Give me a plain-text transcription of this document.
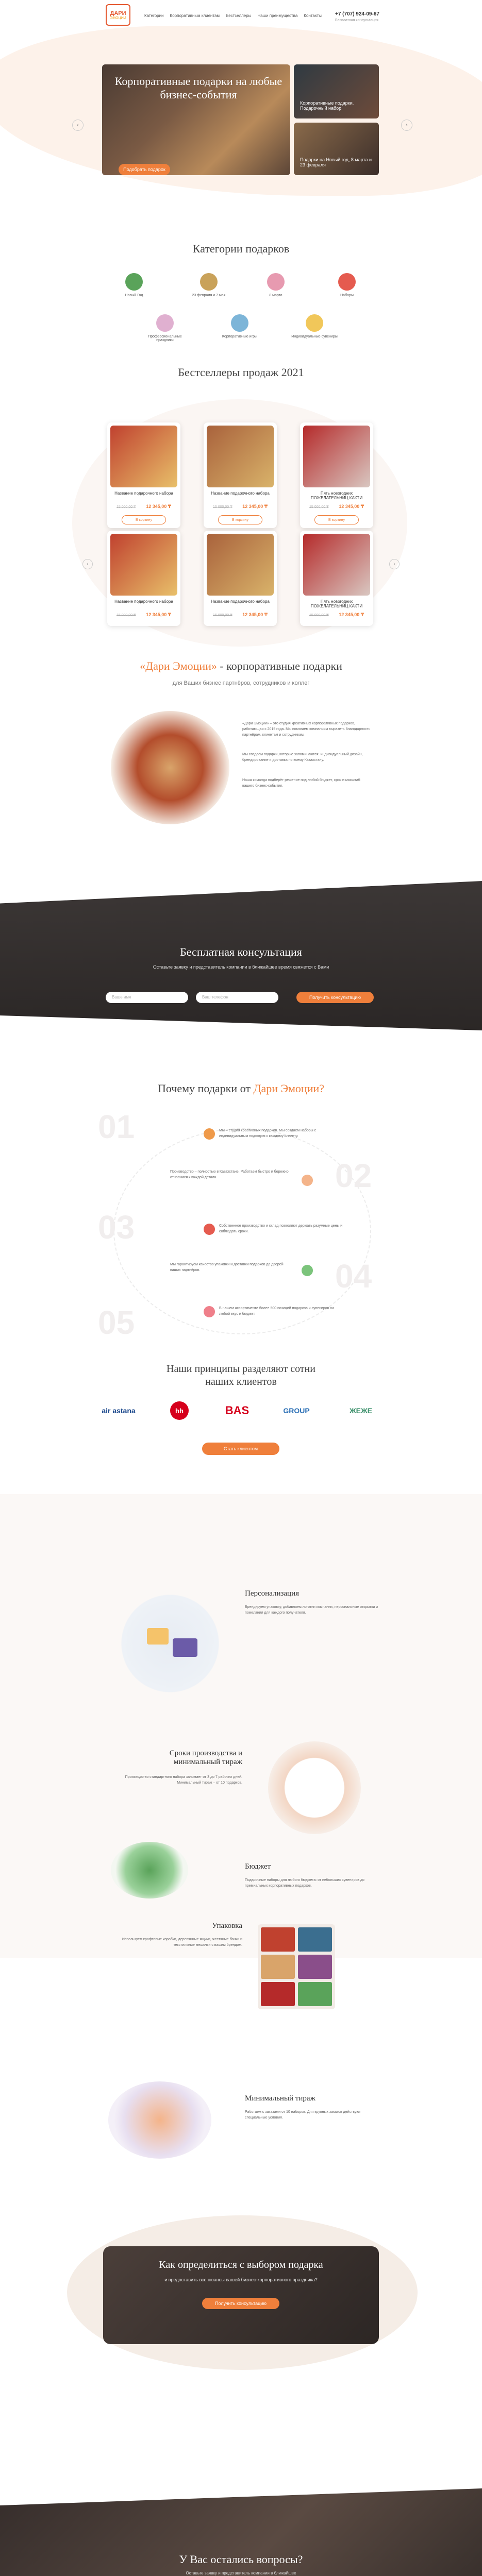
ДАРИ
ЭМОЦИИ	Категории Корпоративным клиентам Бестселлеры Наши преимущества Контакты	+7 (707) 924-09-67
Бесплатная консультация
Корпоративные подарки на любые бизнес-события
Подобрать подарок
Корпоративные подарки. Подарочный набор
Подарки на Новый год, 8 марта и 23 февраля
‹	›
Категории подарков
Новый Год	23 февраля и 7 мая	8 марта	Наборы
Профессиональные праздники
Корпоративные игры	Индивидуальные сувениры
Бестселлеры продаж 2021
Название подарочного набора
15 000,00 ₸ 12 345,00 ₸
В корзину
Название подарочного набора
15 000,00 ₸ 12 345,00 ₸
В корзину
Пять новогодних ПОЖЕЛАТЕЛЬНИЦ КАКТИ
15 000,00 ₸ 12 345,00 ₸
В корзину
Название подарочного набора
15 000,00 ₸ 12 345,00 ₸
Название подарочного набора
15 000,00 ₸ 12 345,00 ₸
Пять новогодних ПОЖЕЛАТЕЛЬНИЦ КАКТИ
15 000,00 ₸ 12 345,00 ₸
‹	›
«Дари Эмоции» - корпоративные подарки
для Ваших бизнес партнёров, сотрудников и коллег
«Дари Эмоции» – это студия креативных корпоративных подарков, работающая с 2015 года. Мы помогаем компаниям выразить благодарность партнёрам, клиентам и сотрудникам.
Мы создаём подарки, которые запоминаются: индивидуальный дизайн, брендирование и доставка по всему Казахстану.
Наша команда подберёт решение под любой бюджет, срок и масштаб вашего бизнес-события.
Бесплатная консультация
Оставьте заявку и представитель компании в ближайшее время свяжется с Вами
Ваше имя	Ваш телефон	Получить консультацию
Почему подарки от Дари Эмоции?
01
02
03
04
05
Мы – студия креативных подарков. Мы создаём наборы с индивидуальным подходом к каждому клиенту.
Производство – полностью в Казахстане. Работаем быстро и бережно относимся к каждой детали.
Собственное производство и склад позволяют держать разумные цены и соблюдать сроки.
Мы гарантируем качество упаковки и доставки подарков до дверей ваших партнёров.
В нашем ассортименте более 500 позиций подарков и сувениров на любой вкус и бюджет.
Наши принципы разделяют сотни наших клиентов
air astana	hh	BAS	GROUP	ЖЕЖЕ
Стать клиентом
Персонализация
Брендируем упаковку, добавляем логотип компании, персональные открытки и пожелания для каждого получателя.
Сроки производства и минимальный тираж
Производство стандартного набора занимает от 3 до 7 рабочих дней. Минимальный тираж – от 10 подарков.
Бюджет
Подарочные наборы для любого бюджета: от небольших сувениров до премиальных корпоративных подарков.
Упаковка
Используем крафтовые коробки, деревянные ящики, жестяные банки и текстильные мешочки с вашим брендом.
Минимальный тираж
Работаем с заказами от 10 наборов. Для крупных заказов действуют специальные условия.
Как определиться с выбором подарка
и предоставить все нюансы вашей бизнес-корпоративного праздника?
Получить консультацию
У Вас остались вопросы?
Оставьте заявку и представитель компании в ближайшее
